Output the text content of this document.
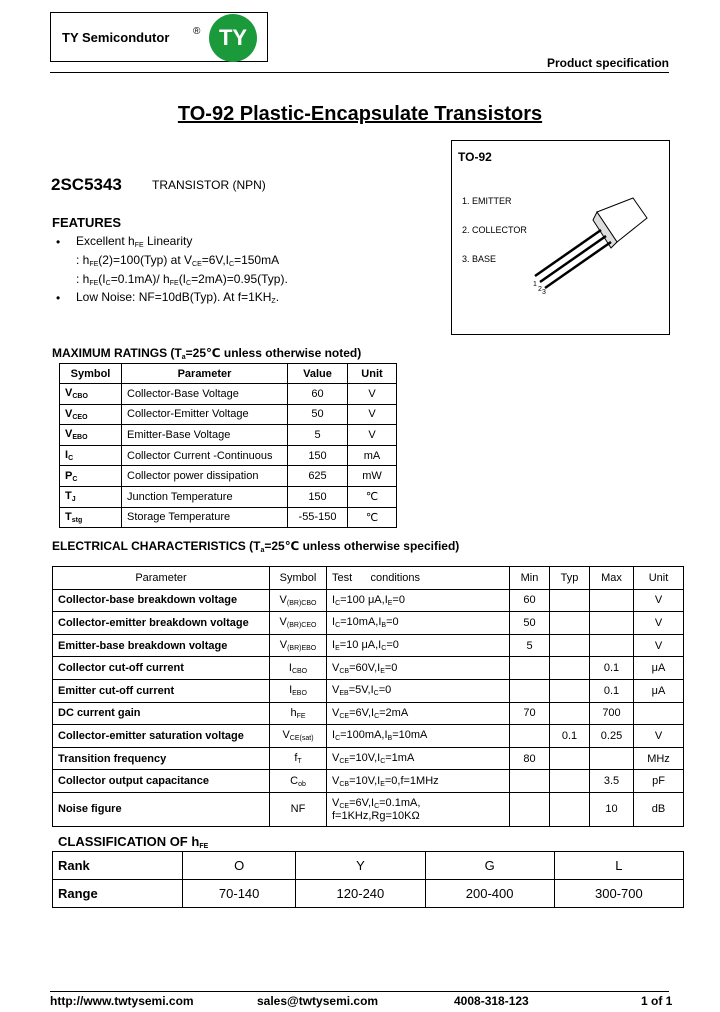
TY Semicondutor ® TY
Product specification
TO-92 Plastic-Encapsulate Transistors
2SC5343	TRANSISTOR (NPN)
TO-92
1. EMITTER
2. COLLECTOR
3. BASE
1
2 3
FEATURES
• Excellent $h_{FE}$ Linearity
: $h_{FE}(2)=100(Typ)$ at $V_{CE}=6V,I_C=150mA$
: $h_{FE}(I_C=0.1mA)/$ $h_{FE}(I_C=2mA)=0.95(Typ)$.
• Low Noise: NF=10dB(Typ). At $f=1KH_Z$.
MAXIMUM RATINGS ($T_a=25℃$ unless otherwise noted)
Symbol	Parameter	Value	Unit
$V_{CBO}$	Collector-Base Voltage	60	V
$V_{CEO}$	Collector-Emitter Voltage	50	V
$V_{EBO}$	Emitter-Base Voltage	5	V
$I_C$	Collector Current -Continuous	150	mA
$P_C$	Collector power dissipation	625	mW
$T_J$	Junction Temperature	150	℃
$T_{stg}$	Storage Temperature	-55-150	℃
ELECTRICAL CHARACTERISTICS ($T_a=25℃$ unless otherwise specified)
Parameter	Symbol	Test      conditions	Min	Typ	Max	Unit
Collector-base breakdown voltage	$V_{(BR)CBO}$	$I_C=100$ $\mu A,I_E=0$	60			V
Collector-emitter breakdown voltage	$V_{(BR)CEO}$	$I_C=10mA,I_B=0$	50			V
Emitter-base breakdown voltage	$V_{(BR)EBO}$	$I_E=10$ $\mu A,I_C=0$	5			V
Collector cut-off current	$I_{CBO}$	$V_{CB}=60V,I_E=0$			0.1	μA
Emitter cut-off current	$I_{EBO}$	$V_{EB}=5V,I_C=0$			0.1	μA
DC current gain	$h_{FE}$	$V_{CE}=6V,I_C=2mA$	70		700	
Collector-emitter saturation voltage	$V_{CE(sat)}$	$I_C=100mA,I_B=10mA$		0.1	0.25	V
Transition frequency	$f_T$	$V_{CE}=10V,I_C=1mA$	80			MHz
Collector output capacitance	$C_{ob}$	$V_{CB}=10V,I_E=0,f=1MHz$			3.5	pF
Noise figure	NF	$V_{CE}=6V,I_C=0.1mA$,
f=1KHz,Rg=10KΩ			10	dB
CLASSIFICATION OF $h_{FE}$
Rank	O	Y	G	L
Range	70-140	120-240	200-400	300-700
http://www.twtysemi.com	sales@twtysemi.com	4008-318-123	1 of 1
